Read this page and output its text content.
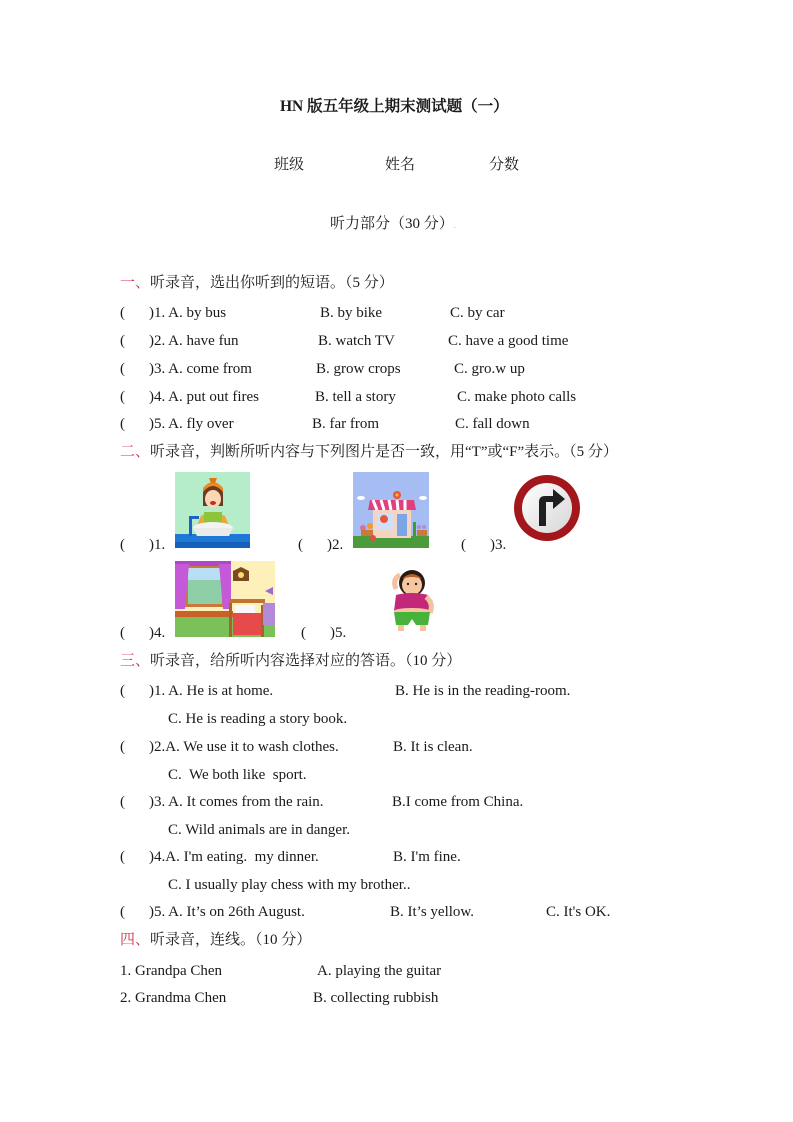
HN 版五年级上期末测试题（一）
班级	姓名	分数
听力部分（30 分）.
一、听录音，选出你听到的短语。（5 分）
( )1. A. by bus	B. by bike	C. by car
( )2. A. have fun	B. watch TV	C. have a good time
( )3. A. come from	B. grow crops	C. gro.w up
( )4. A. put out fires	B. tell a story	C. make photo calls
( )5. A. fly over	B. far from	C. fall down
二、听录音，判断所听内容与下列图片是否一致，用“T”或“F”表示。（5 分）
( )1.	( )2.	( )3.
( )4.	( )5.
三、听录音，给所听内容选择对应的答语。（10 分）
( )1. A. He is at home.	B. He is in the reading-room.
C. He is reading a story book.
( )2.A. We use it to wash clothes.	B. It is clean.
C.  We both like  sport.
( )3. A. It comes from the rain.	B.I come from China.
C. Wild animals are in danger.
( )4.A. I'm eating.  my dinner.	B. I'm fine.
C. I usually play chess with my brother..
( )5. A. It’s on 26th August.	B. It’s yellow.	C. It's OK.
四、听录音，连线。（10 分）
1. Grandpa Chen	A. playing the guitar
2. Grandma Chen	B. collecting rubbish
